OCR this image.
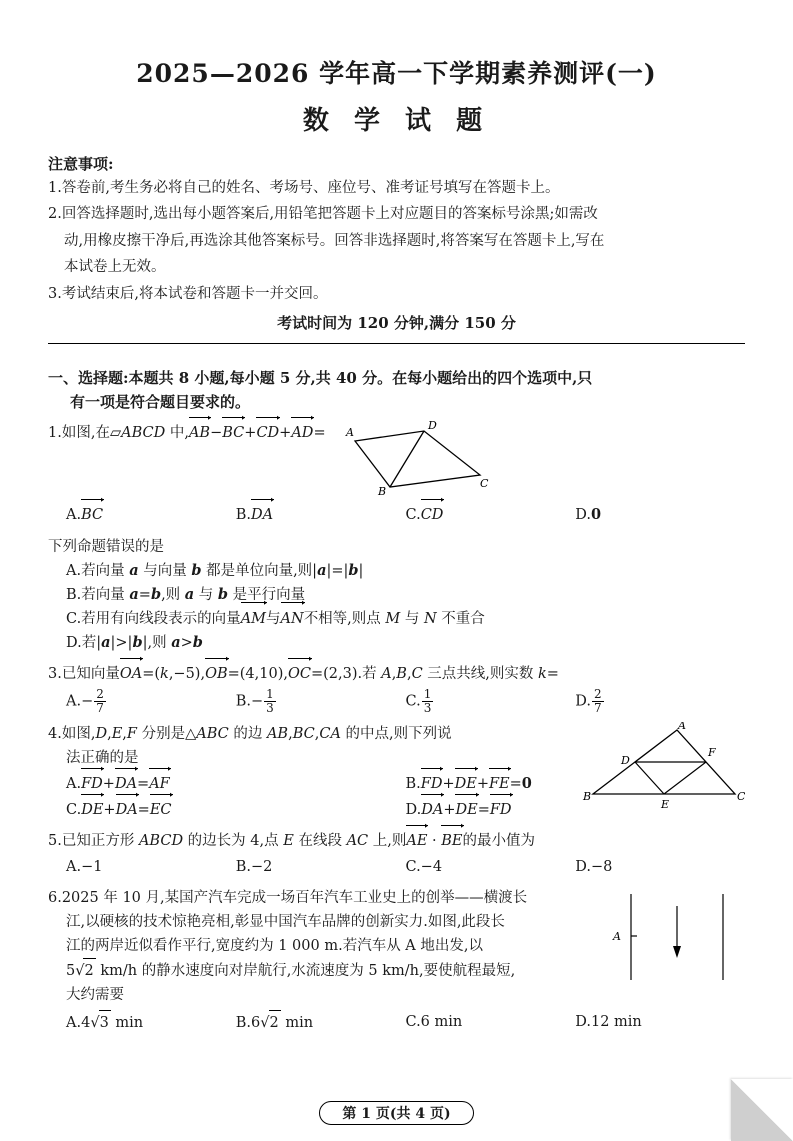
2025—2026 学年高一下学期素养测评(一)
数 学 试 题
注意事项:
1.答卷前,考生务必将自己的姓名、考场号、座位号、准考证号填写在答题卡上。
2.回答选择题时,选出每小题答案后,用铅笔把答题卡上对应题目的答案标号涂黑;如需改
动,用橡皮擦干净后,再选涂其他答案标号。回答非选择题时,将答案写在答题卡上,写在
本试卷上无效。
3.考试结束后,将本试卷和答题卡一并交回。
考试时间为 120 分钟,满分 150 分
一、选择题:本题共 8 小题,每小题 5 分,共 40 分。在每小题给出的四个选项中,只
有一项是符合题目要求的。
1.如图,在▱ABCD 中,AB−BC+CD+AD= A
D
B
C
A.BC	B.DA	C.CD	D.0
下列命题错误的是
A.若向量 a 与向量 b 都是单位向量,则|a|=|b|
B.若向量 a=b,则 a 与 b 是平行向量
C.若用有向线段表示的向量AM与AN不相等,则点 M 与 N 不重合
D.若|a|>|b|,则 a>b
3.已知向量OA=(k,−5),OB=(4,10),OC=(2,3).若 A,B,C 三点共线,则实数 k=
$A.- \frac{2}{7}$	$B.- \frac{1}{3}$	C. $\frac{1}{3}$	D. $\frac{2}{7}$
A
B	C
D
E
F
4.如图,D,E,F 分别是△ABC 的边 AB,BC,CA 的中点,则下列说
法正确的是
A.FD+DA=AF	B.FD+DE+FE=0
C.DE+DA=EC	D.DA+DE=FD
5.已知正方形 ABCD 的边长为 4,点 E 在线段 AC 上,则AE · BE的最小值为
A.−1	B.−2	C.−4	D.−8
A
6.2025 年 10 月,某国产汽车完成一场百年汽车工业史上的创举——横渡长
江,以硬核的技术惊艳亮相,彰显中国汽车品牌的创新实力.如图,此段长
江的两岸近似看作平行,宽度约为 1 000 m.若汽车从 A 地出发,以
5√2 km/h 的静水速度向对岸航行,水流速度为 5 km/h,要使航程最短,
大约需要
A.4√3 min	B.6√2 min	C.6 min	D.12 min
第 1 页(共 4 页)
